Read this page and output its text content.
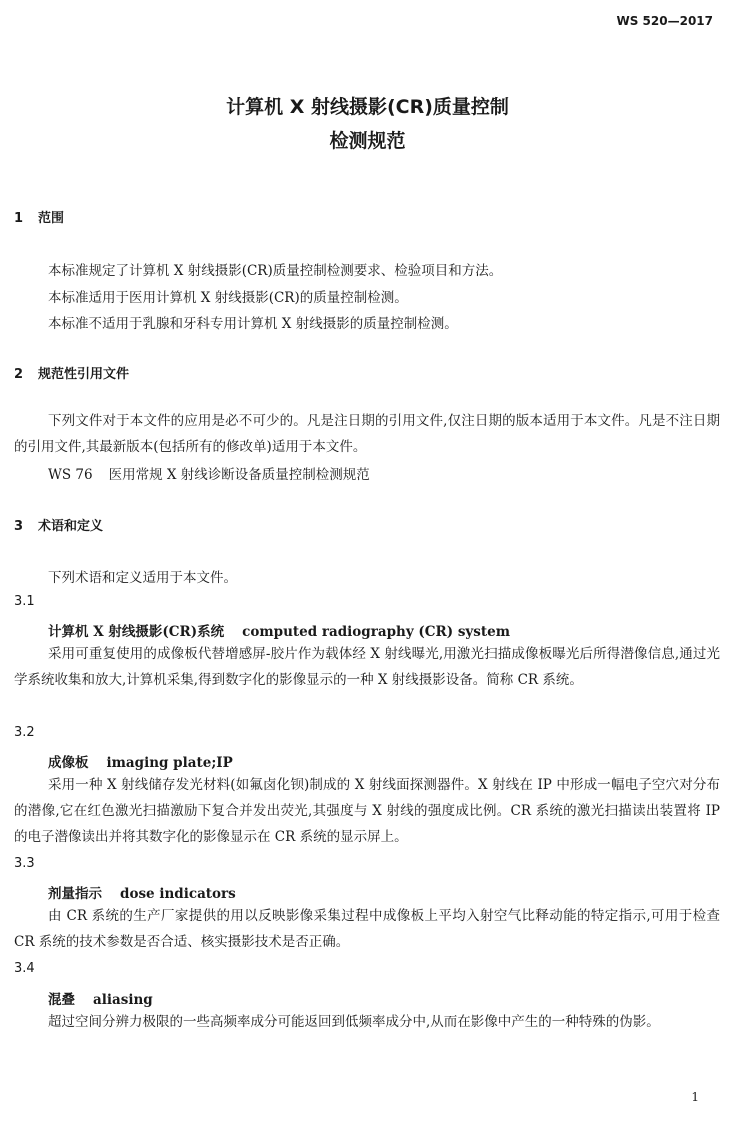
WS 520—2017
计算机 X 射线摄影(CR)质量控制
检测规范
1 范围
本标准规定了计算机 X 射线摄影(CR)质量控制检测要求、检验项目和方法。
本标准适用于医用计算机 X 射线摄影(CR)的质量控制检测。
本标准不适用于乳腺和牙科专用计算机 X 射线摄影的质量控制检测。
2 规范性引用文件
下列文件对于本文件的应用是必不可少的。凡是注日期的引用文件,仅注日期的版本适用于本文件。凡是不注日期的引用文件,其最新版本(包括所有的修改单)适用于本文件。
WS 76 医用常规 X 射线诊断设备质量控制检测规范
3 术语和定义
下列术语和定义适用于本文件。
3.1
计算机 X 射线摄影(CR)系统 computed radiography (CR) system
采用可重复使用的成像板代替增感屏-胶片作为载体经 X 射线曝光,用激光扫描成像板曝光后所得潜像信息,通过光学系统收集和放大,计算机采集,得到数字化的影像显示的一种 X 射线摄影设备。简称 CR 系统。
3.2
成像板 imaging plate;IP
采用一种 X 射线储存发光材料(如氟卤化钡)制成的 X 射线面探测器件。X 射线在 IP 中形成一幅电子空穴对分布的潜像,它在红色激光扫描激励下复合并发出荧光,其强度与 X 射线的强度成比例。CR 系统的激光扫描读出装置将 IP 的电子潜像读出并将其数字化的影像显示在 CR 系统的显示屏上。
3.3
剂量指示 dose indicators
由 CR 系统的生产厂家提供的用以反映影像采集过程中成像板上平均入射空气比释动能的特定指示,可用于检查 CR 系统的技术参数是否合适、核实摄影技术是否正确。
3.4
混叠 aliasing
超过空间分辨力极限的一些高频率成分可能返回到低频率成分中,从而在影像中产生的一种特殊的伪影。
1
